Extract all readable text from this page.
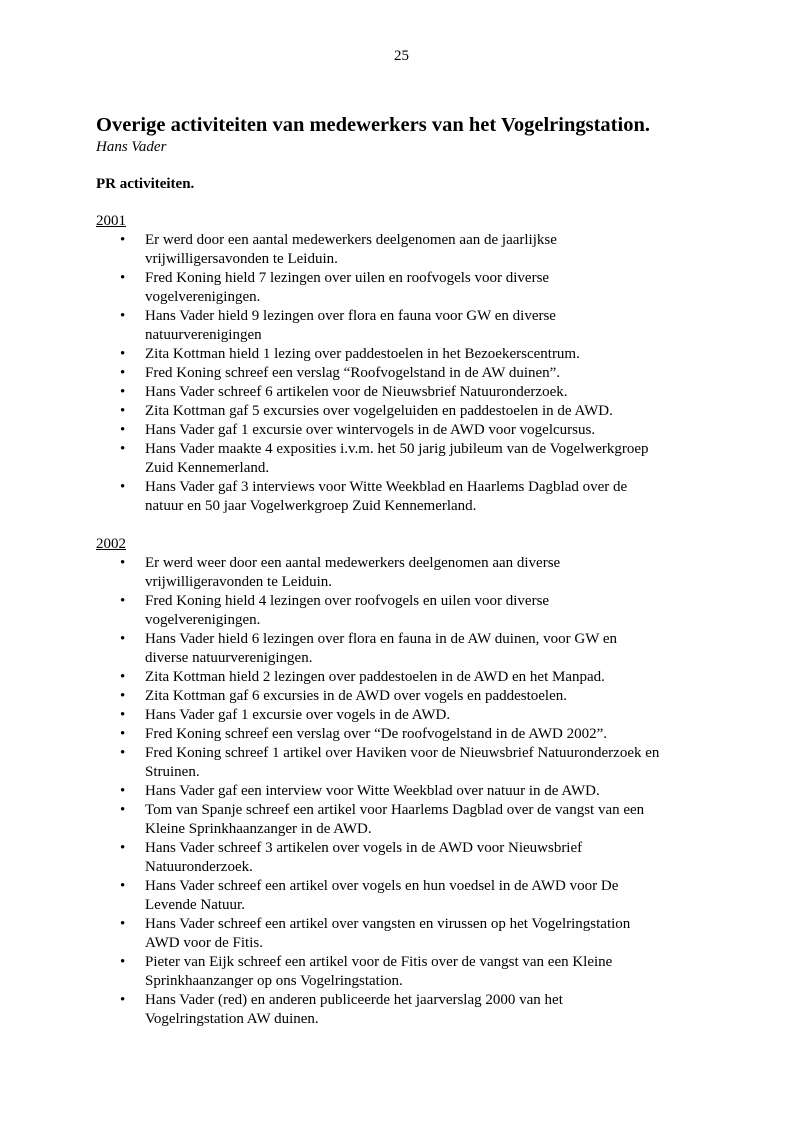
25
Overige activiteiten van medewerkers van het Vogelringstation.

Hans Vader

PR activiteiten.

2001

• Er werd door een aantal medewerkers deelgenomen aan de jaarlijkse
vrijwilligersavonden te Leiduin.
• Fred Koning hield 7 lezingen over uilen en roofvogels voor diverse
vogelverenigingen.
• Hans Vader hield 9 lezingen over flora en fauna voor GW en diverse
natuurverenigingen
• Zita Kottman hield 1 lezing over paddestoelen in het Bezoekerscentrum.
• Fred Koning schreef een verslag “Roofvogelstand in de AW duinen”.
• Hans Vader schreef 6 artikelen voor de Nieuwsbrief Natuuronderzoek.
• Zita Kottman gaf 5 excursies over vogelgeluiden en paddestoelen in de AWD.
• Hans Vader gaf 1 excursie over wintervogels in de AWD voor vogelcursus.
• Hans Vader maakte 4 exposities i.v.m. het 50 jarig jubileum van de Vogelwerkgroep
Zuid Kennemerland.
• Hans Vader gaf 3 interviews voor Witte Weekblad en Haarlems Dagblad over de
natuur en 50 jaar Vogelwerkgroep Zuid Kennemerland.

2002

• Er werd weer door een aantal medewerkers deelgenomen aan diverse
vrijwilligeravonden te Leiduin.
• Fred Koning hield 4 lezingen over roofvogels en uilen voor diverse
vogelverenigingen.
• Hans Vader hield 6 lezingen over flora en fauna in de AW duinen, voor GW en
diverse natuurverenigingen.
• Zita Kottman hield 2 lezingen over paddestoelen in de AWD en het Manpad.
• Zita Kottman gaf 6 excursies in de AWD over vogels en paddestoelen.
• Hans Vader gaf 1 excursie over vogels in de AWD.
• Fred Koning schreef een verslag over “De roofvogelstand in de AWD 2002”.
• Fred Koning schreef 1 artikel over Haviken voor de Nieuwsbrief Natuuronderzoek en
Struinen.
• Hans Vader gaf een interview voor Witte Weekblad over natuur in de AWD.
• Tom van Spanje schreef een artikel voor Haarlems Dagblad over de vangst van een
Kleine Sprinkhaanzanger in de AWD.
• Hans Vader schreef 3 artikelen over vogels in de AWD voor Nieuwsbrief
Natuuronderzoek.
• Hans Vader schreef een artikel over vogels en hun voedsel in de AWD voor De
Levende Natuur.
• Hans Vader schreef een artikel over vangsten en virussen op het Vogelringstation
AWD voor de Fitis.
• Pieter van Eijk schreef een artikel voor de Fitis over de vangst van een Kleine
Sprinkhaanzanger op ons Vogelringstation.
• Hans Vader (red) en anderen publiceerde het jaarverslag 2000 van het
Vogelringstation AW duinen.
